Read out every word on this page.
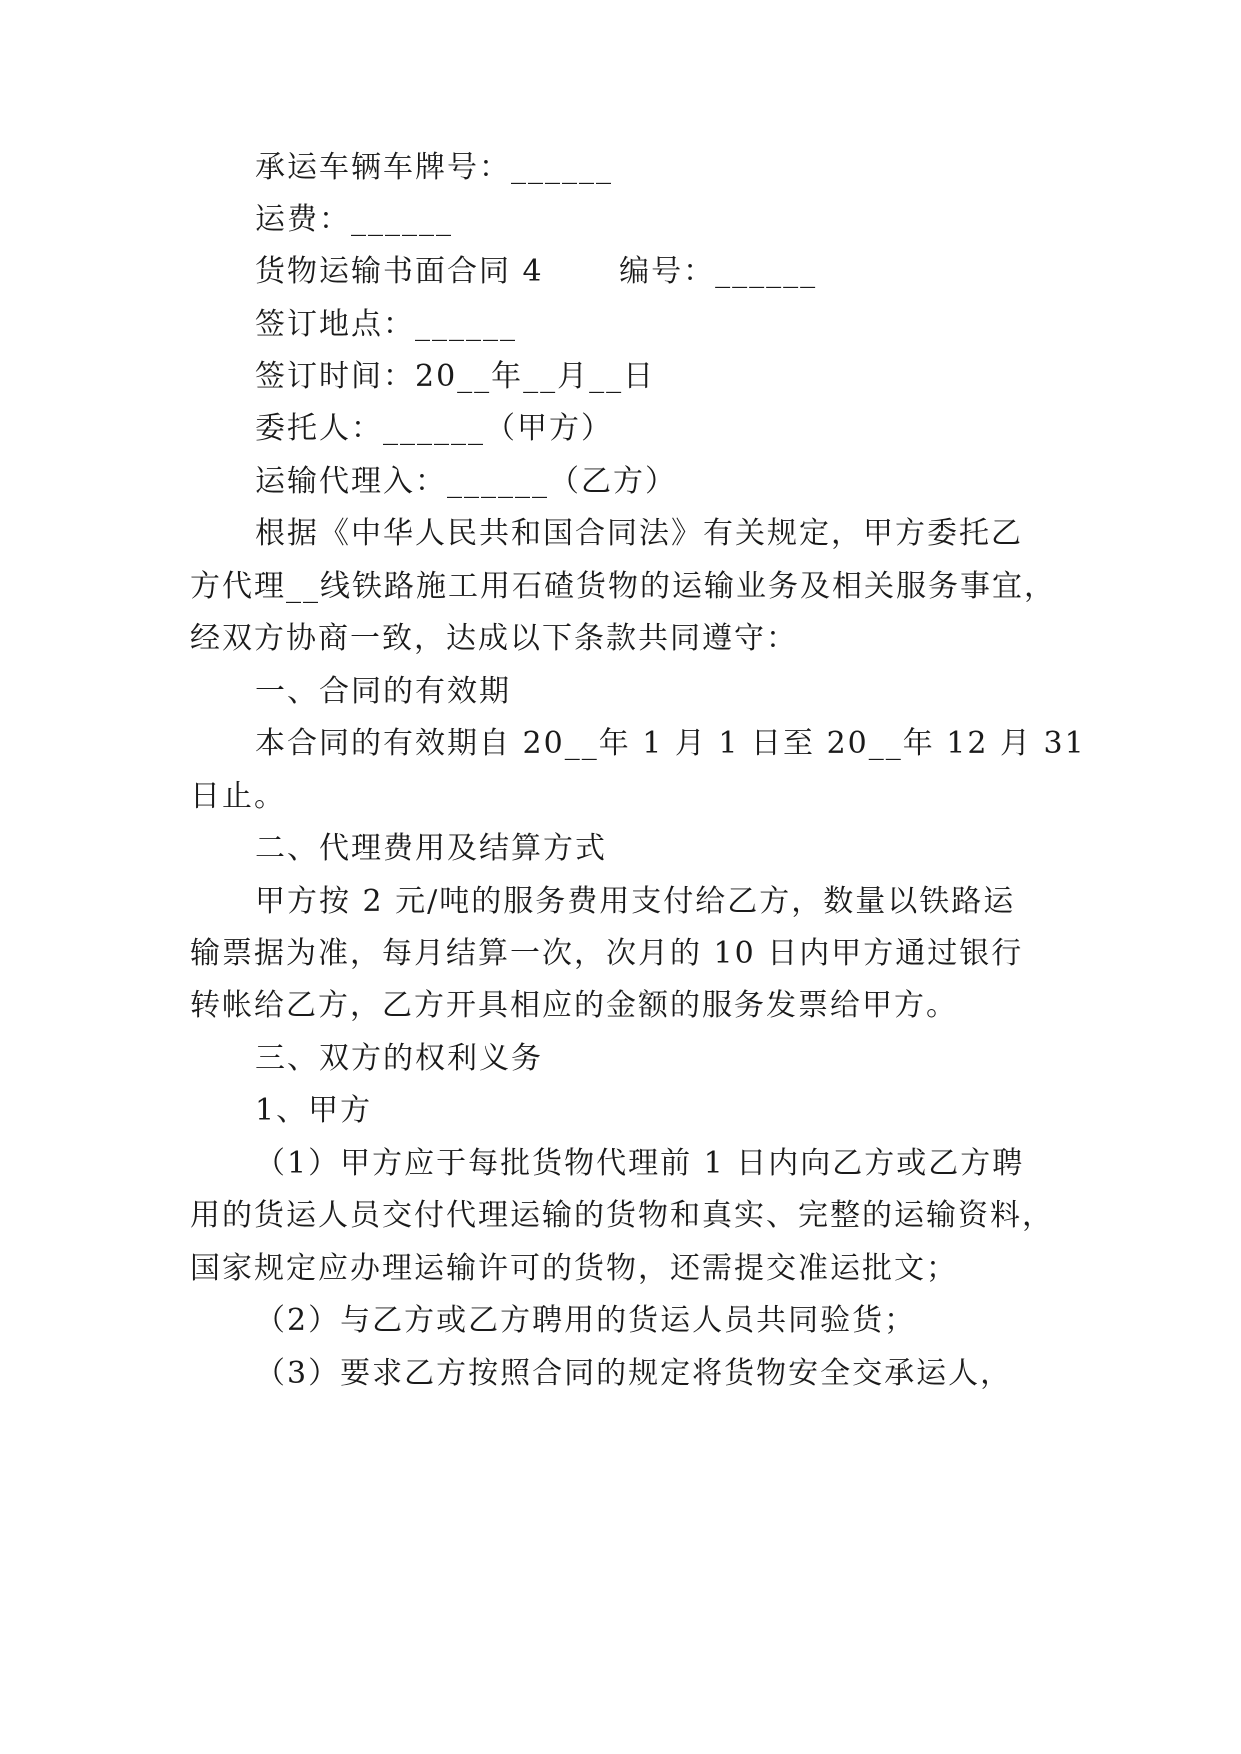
承运车辆车牌号：______
运费：______
货物运输书面合同 4　　 编号：______
签订地点：______
签订时间：20__年__月__日
委托人：______（甲方）
运输代理入：______（乙方）
根据《中华人民共和国合同法》有关规定，甲方委托乙
方代理__线铁路施工用石碴货物的运输业务及相关服务事宜，
经双方协商一致，达成以下条款共同遵守：
一、合同的有效期
本合同的有效期自 20__年 1 月 1 日至 20__年 12 月 31
日止。
二、代理费用及结算方式
甲方按 2 元/吨的服务费用支付给乙方，数量以铁路运
输票据为准，每月结算一次，次月的 10 日内甲方通过银行
转帐给乙方，乙方开具相应的金额的服务发票给甲方。
三、双方的权利义务
1、甲方
（1）甲方应于每批货物代理前 1 日内向乙方或乙方聘
用的货运人员交付代理运输的货物和真实、完整的运输资料，
国家规定应办理运输许可的货物，还需提交准运批文；
（2）与乙方或乙方聘用的货运人员共同验货；
（3）要求乙方按照合同的规定将货物安全交承运人，
